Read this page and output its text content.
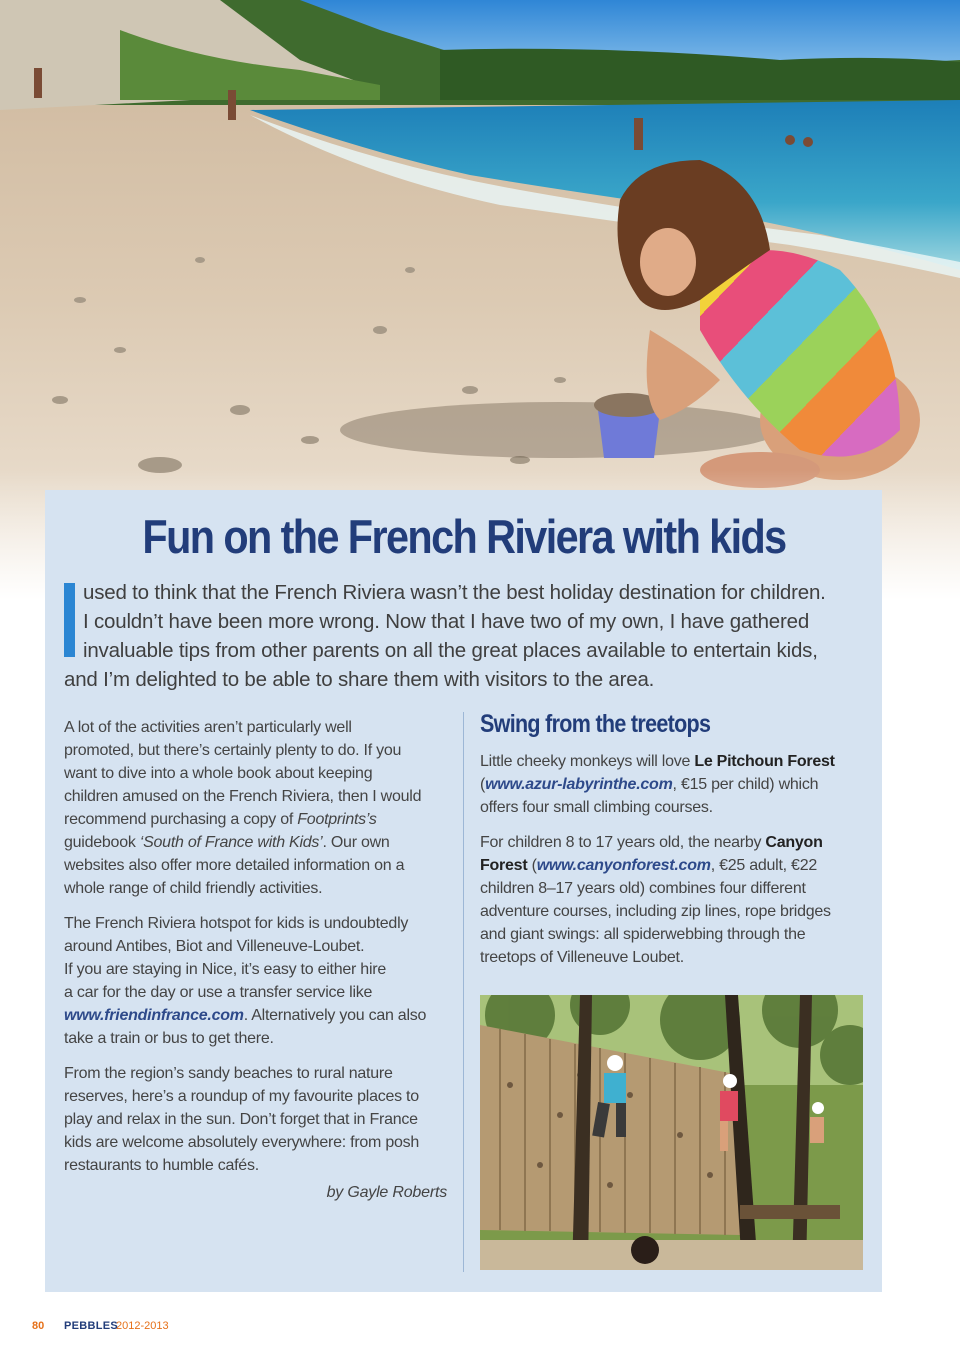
Fun on the French Riviera with kids
used to think that the French Riviera wasn’t the best holiday destination for children.
I couldn’t have been more wrong. Now that I have two of my own, I have gathered
invaluable tips from other parents on all the great places available to entertain kids,
and I’m delighted to be able to share them with visitors to the area.

A lot of the activities aren’t particularly well
promoted, but there’s certainly plenty to do. If you
want to dive into a whole book about keeping
children amused on the French Riviera, then I would
recommend purchasing a copy of Footprints’s
guidebook ‘South of France with Kids’. Our own
websites also offer more detailed information on a
whole range of child friendly activities.

The French Riviera hotspot for kids is undoubtedly
around Antibes, Biot and Villeneuve-Loubet.
If you are staying in Nice, it’s easy to either hire
a car for the day or use a transfer service like
www.friendinfrance.com. Alternatively you can also
take a train or bus to get there.

From the region’s sandy beaches to rural nature
reserves, here’s a roundup of my favourite places to
play and relax in the sun. Don’t forget that in France
kids are welcome absolutely everywhere: from posh
restaurants to humble cafés.

by Gayle Roberts
Swing from the treetops

Little cheeky monkeys will love Le Pitchoun Forest
(www.azur-labyrinthe.com, €15 per child) which
offers four small climbing courses.

For children 8 to 17 years old, the nearby Canyon
Forest (www.canyonforest.com, €25 adult, €22
children 8–17 years old) combines four different
adventure courses, including zip lines, rope bridges
and giant swings: all spiderwebbing through the
treetops of Villeneuve Loubet.

80 PEBBLES
2012-2013
